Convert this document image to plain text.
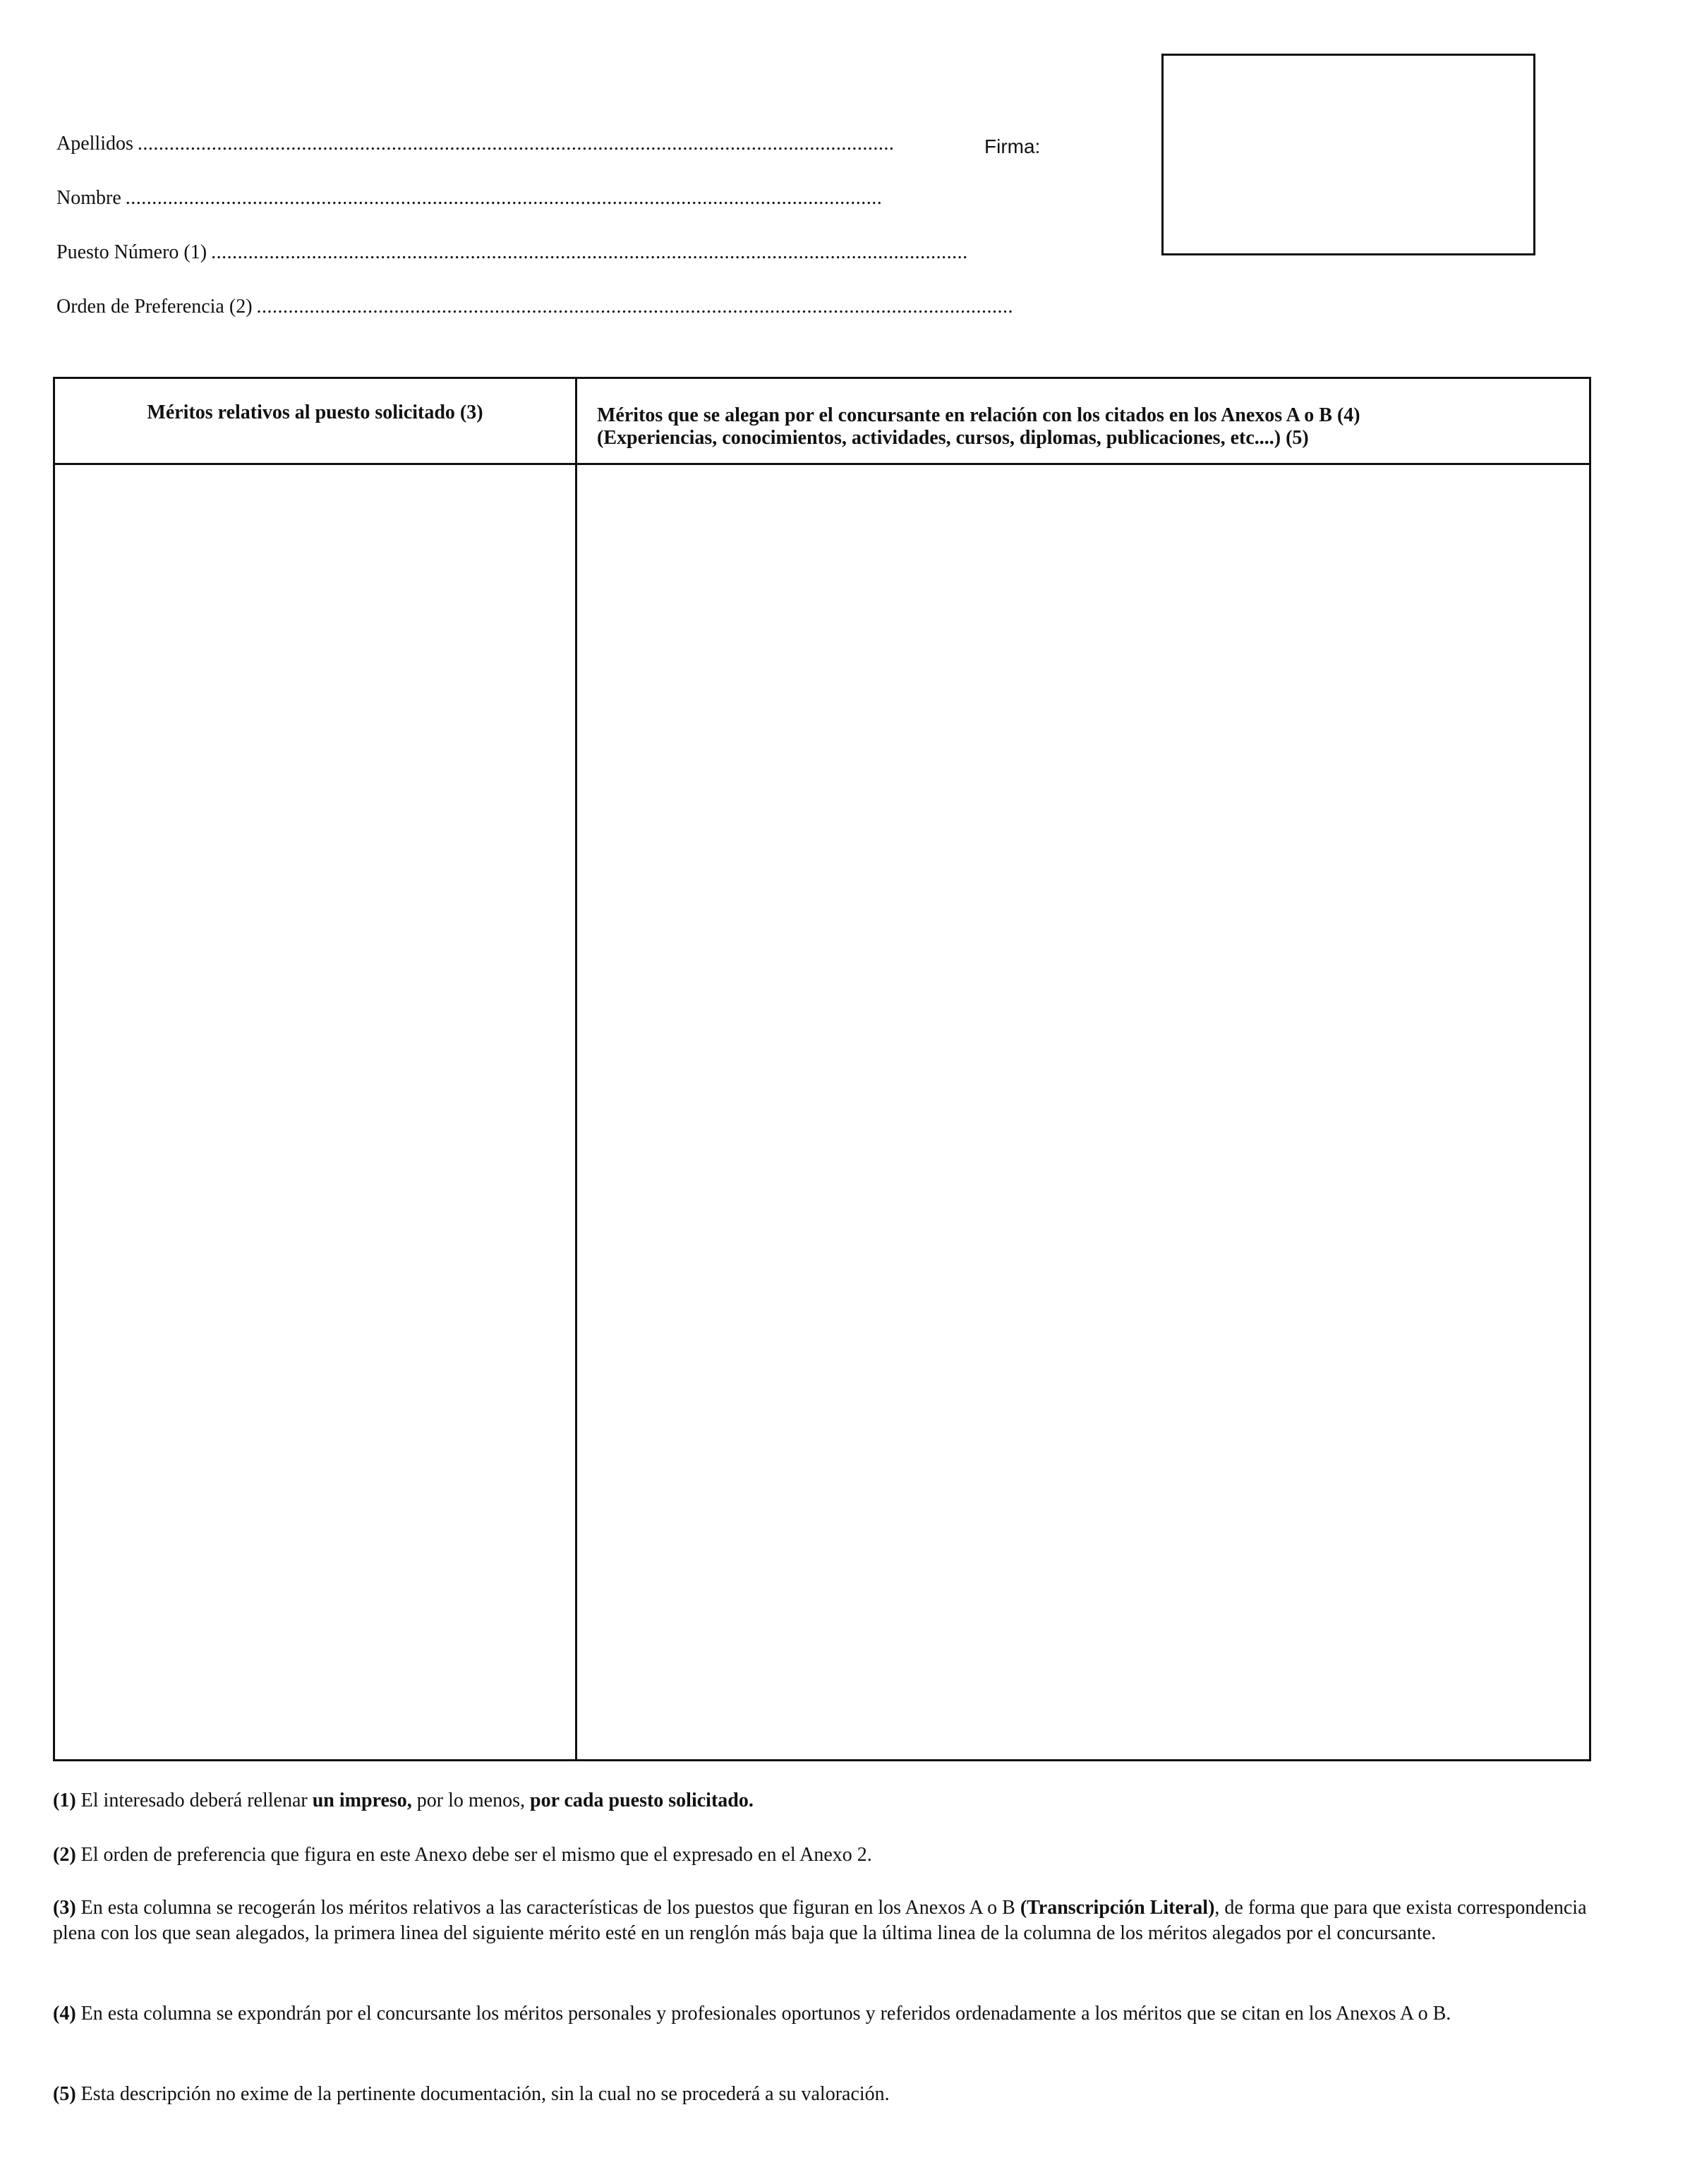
Apellidos ...............................................................................................................................................
Nombre ...............................................................................................................................................
Puesto Número (1) ...............................................................................................................................................
Orden de Preferencia (2) ...............................................................................................................................................
Firma:
Méritos relativos al puesto solicitado (3)	Méritos que se alegan por el concursante en relación con los citados en los Anexos A o B (4)
(Experiencias, conocimientos, actividades, cursos, diplomas, publicaciones, etc....) (5)
(1) El interesado deberá rellenar un impreso, por lo menos, por cada puesto solicitado.
(2) El orden de preferencia que figura en este Anexo debe ser el mismo que el expresado en el Anexo 2.
(3) En esta columna se recogerán los méritos relativos a las características de los puestos que figuran en los Anexos A o B (Transcripción Literal), de forma que para que exista correspondencia plena con los que sean alegados, la primera linea del siguiente mérito esté en un renglón más baja que la última linea de la columna de los méritos alegados por el concursante.
(4) En esta columna se expondrán por el concursante los méritos personales y profesionales oportunos y referidos ordenadamente a los méritos que se citan en los Anexos A o B.
(5) Esta descripción no exime de la pertinente documentación, sin la cual no se procederá a su valoración.
